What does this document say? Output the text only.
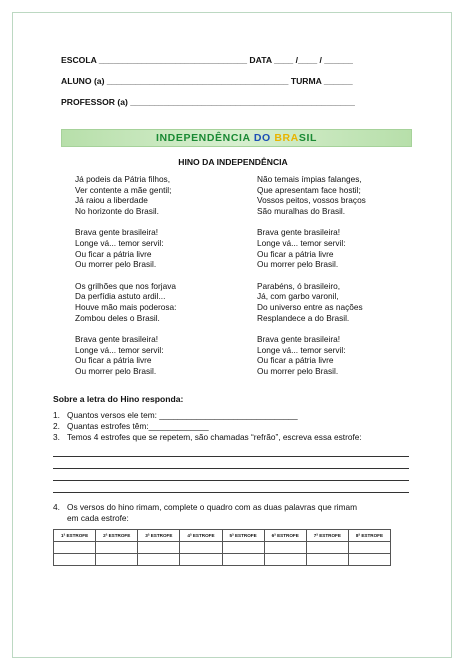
ESCOLA _______________________________ DATA ____ /____ / ______
ALUNO (a) ______________________________________ TURMA ______
PROFESSOR (a) _______________________________________________
INDEPENDÊNCIA DO BRASIL
HINO DA INDEPENDÊNCIA
Já podeis da Pátria filhos,
Ver contente a mãe gentil;
Já raiou a liberdade
No horizonte do Brasil.
Brava gente brasileira!
Longe vá... temor servil:
Ou ficar a pátria livre
Ou morrer pelo Brasil.
Os grilhões que nos forjava
Da perfídia astuto ardil...
Houve mão mais poderosa:
Zombou deles o Brasil.
Brava gente brasileira!
Longe vá... temor servil:
Ou ficar a pátria livre
Ou morrer pelo Brasil.
Não temais ímpias falanges,
Que apresentam face hostil;
Vossos peitos, vossos braços
São muralhas do Brasil.
Brava gente brasileira!
Longe vá... temor servil:
Ou ficar a pátria livre
Ou morrer pelo Brasil.
Parabéns, ó brasileiro,
Já, com garbo varonil,
Do universo entre as nações
Resplandece a do Brasil.
Brava gente brasileira!
Longe vá... temor servil:
Ou ficar a pátria livre
Ou morrer pelo Brasil.
Sobre a letra do Hino responda:
1. Quantos versos ele tem: ______________________________
2. Quantas estrofes têm:_____________
3. Temos 4 estrofes que se repetem, são chamadas “refrão”, escreva essa estrofe:
4. Os versos do hino rimam, complete o quadro com as duas palavras que rimam
em cada estrofe:
1ª ESTROFE	2ª ESTROFE	3ª ESTROFE	4ª ESTROFE	5ª ESTROFE	6ª ESTROFE	7ª ESTROFE	8ª ESTROFE
